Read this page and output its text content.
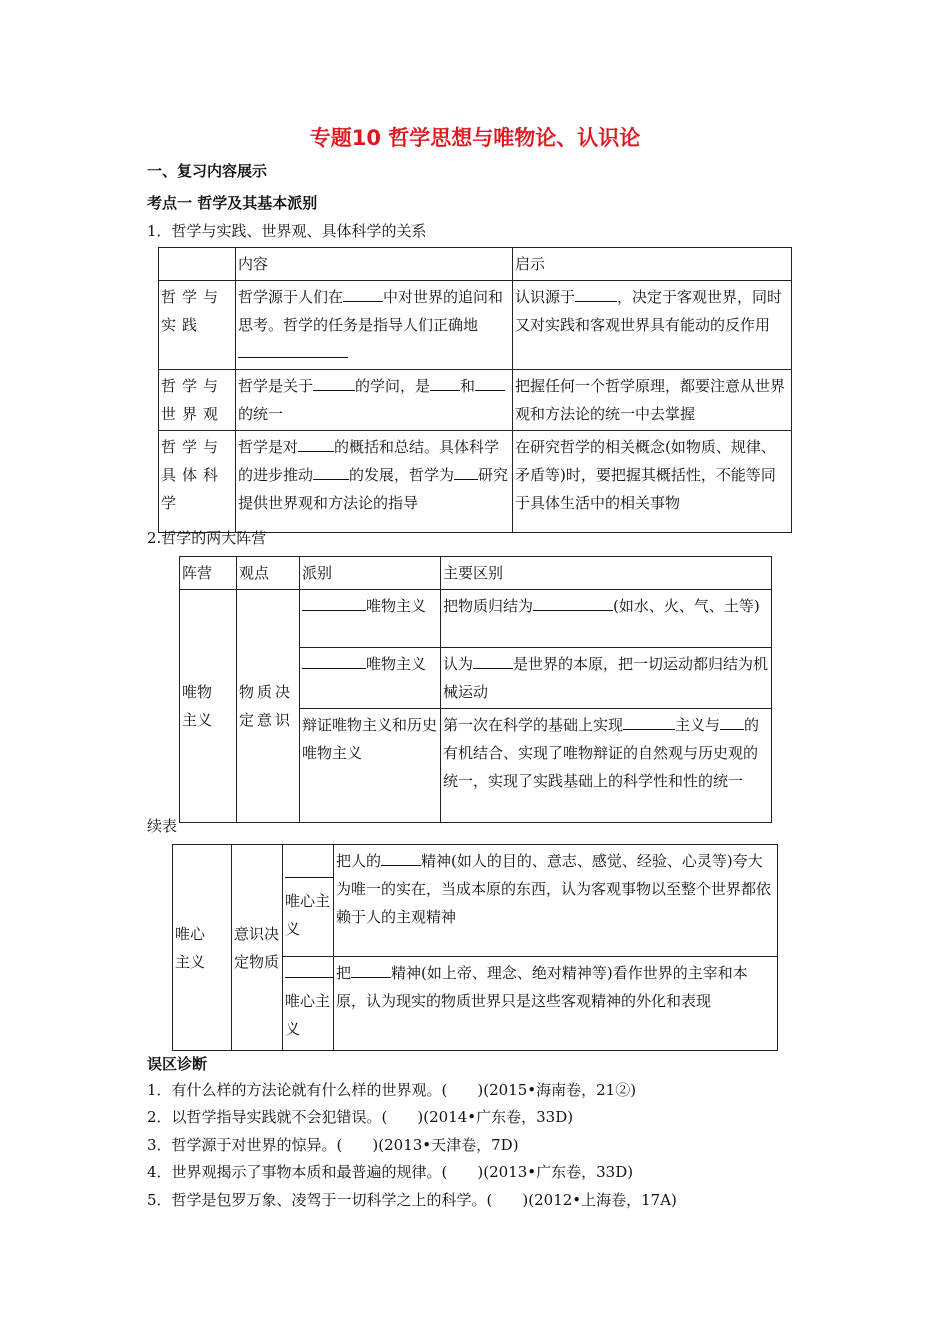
专题10 哲学思想与唯物论、认识论
一、复习内容展示
考点一 哲学及其基本派别
1．哲学与实践、世界观、具体科学的关系
	内容	启示
哲学与实践	哲学源于人们在 中对世界的追问和思考。哲学的任务是指导人们正确地	认识源于 ，决定于客观世界，同时又对实践和客观世界具有能动的反作用
哲学与世界观	哲学是关于 的学问，是 和的统一	把握任何一个哲学原理，都要注意从世界观和方法论的统一中去掌握
哲学与具体科学	哲学是对 的概括和总结。具体科学的进步推动 的发展，哲学为 研究提供世界观和方法论的指导	在研究哲学的相关概念(如物质、规律、矛盾等)时，要把握其概括性，不能等同于具体生活中的相关事物
2.哲学的两大阵营
阵营	观点	派别	主要区别

唯物主义	物质决定意识	唯物主义	把物质归结为 (如水、火、气、土等)
		唯物主义	认为 是世界的本原，把一切运动都归结为机械运动
		辩证唯物主义和历史唯物主义	第一次在科学的基础上实现 主义与 的有机结合、实现了唯物辩证的自然观与历史观的统一，实现了实践基础上的科学性和性的统一
续表
唯心主义	意识决定物质	唯心主义	把人的 精神(如人的目的、意志、感觉、经验、心灵等)夸大为唯一的实在，当成本原的东西，认为客观事物以至整个世界都依赖于人的主观精神

		唯心主义	把 精神(如上帝、理念、绝对精神等)看作世界的主宰和本原，认为现实的物质世界只是这些客观精神的外化和表现
误区诊断
1．有什么样的方法论就有什么样的世界观。(　　)(2015•海南卷，21②)
2．以哲学指导实践就不会犯错误。(　　)(2014•广东卷，33D)
3．哲学源于对世界的惊异。(　　)(2013•天津卷，7D)
4．世界观揭示了事物本质和最普遍的规律。(　　)(2013•广东卷，33D)
5．哲学是包罗万象、凌驾于一切科学之上的科学。(　　)(2012•上海卷，17A)
